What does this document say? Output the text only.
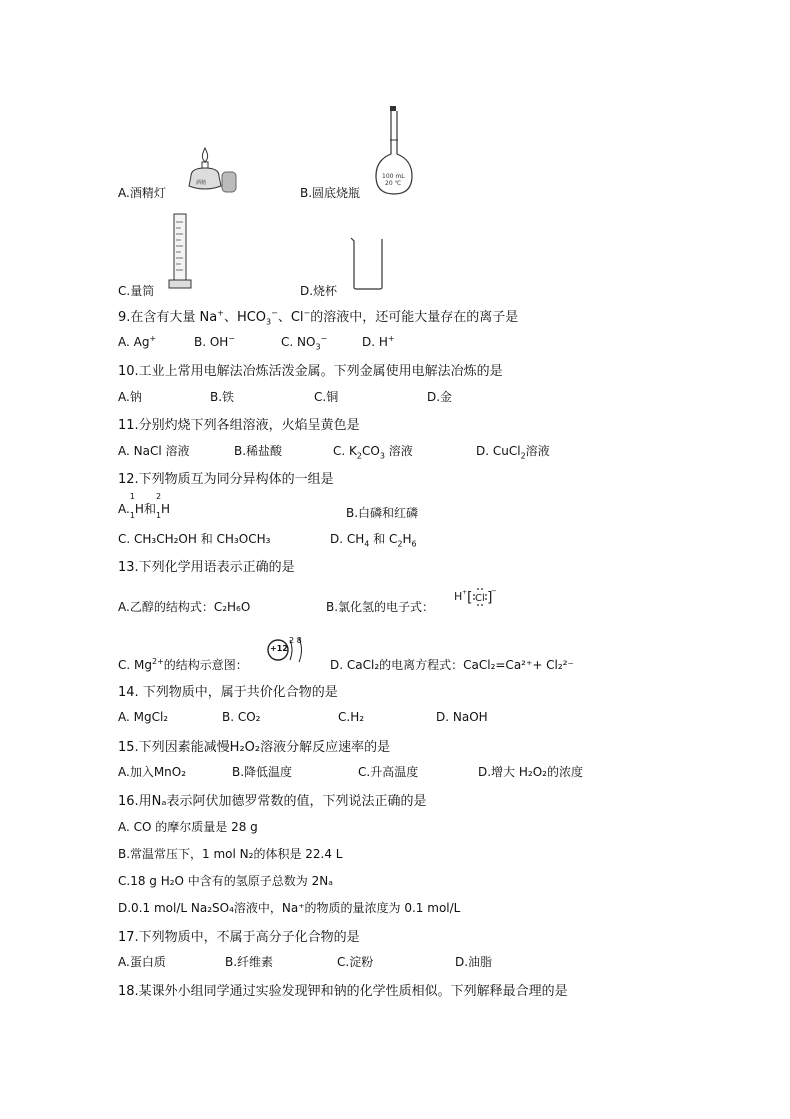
酒精
A.酒精灯
100 mL
20 ℃
B.圆底烧瓶
C.量筒	D.烧杯
9.在含有大量 Na+、$HCO_3^-$、Cl−的溶液中，还可能大量存在的离子是
A. Ag+	B. OH−	C. $NO_3^-$	D. H+
10.工业上常用电解法冶炼活泼金属。下列金属使用电解法冶炼的是
A.钠	B.铁	C.铜	D.金
11.分别灼烧下列各组溶液，火焰呈黄色是
A. NaCl 溶液	B.稀盐酸	C. $K_2CO_3$ 溶液	D. CuCl$_2$溶液
12.下列物质互为同分异构体的一组是
A.
1
$_1$H和
2
$_1$H	B.白磷和红磷
C. CH₃CH₂OH 和 CH₃OCH₃	D. $CH_4$ 和 $C_2H_6$
13.下列化学用语表示正确的是
A.乙醇的结构式：C₂H₆O	B.氯化氢的电子式：
H + [ Cl ]
−
C. $Mg^{2+}$的结构示意图：
+12
2 8
D. CaCl₂的电离方程式：CaCl₂=Ca²⁺+ Cl₂²⁻
14. 下列物质中，属于共价化合物的是
A. MgCl₂	B. CO₂	C.H₂	D. NaOH
15.下列因素能减慢H₂O₂溶液分解反应速率的是
A.加入MnO₂	B.降低温度	C.升高温度	D.增大 H₂O₂的浓度
16.用Nₐ表示阿伏加德罗常数的值，下列说法正确的是
A. CO 的摩尔质量是 28 g
B.常温常压下，1 mol N₂的体积是 22.4 L
C.18 g H₂O 中含有的氢原子总数为 2Nₐ
D.0.1 mol/L Na₂SO₄溶液中，Na⁺的物质的量浓度为 0.1 mol/L
17.下列物质中，不属于高分子化合物的是
A.蛋白质	B.纤维素	C.淀粉	D.油脂
18.某课外小组同学通过实验发现钾和钠的化学性质相似。下列解释最合理的是
